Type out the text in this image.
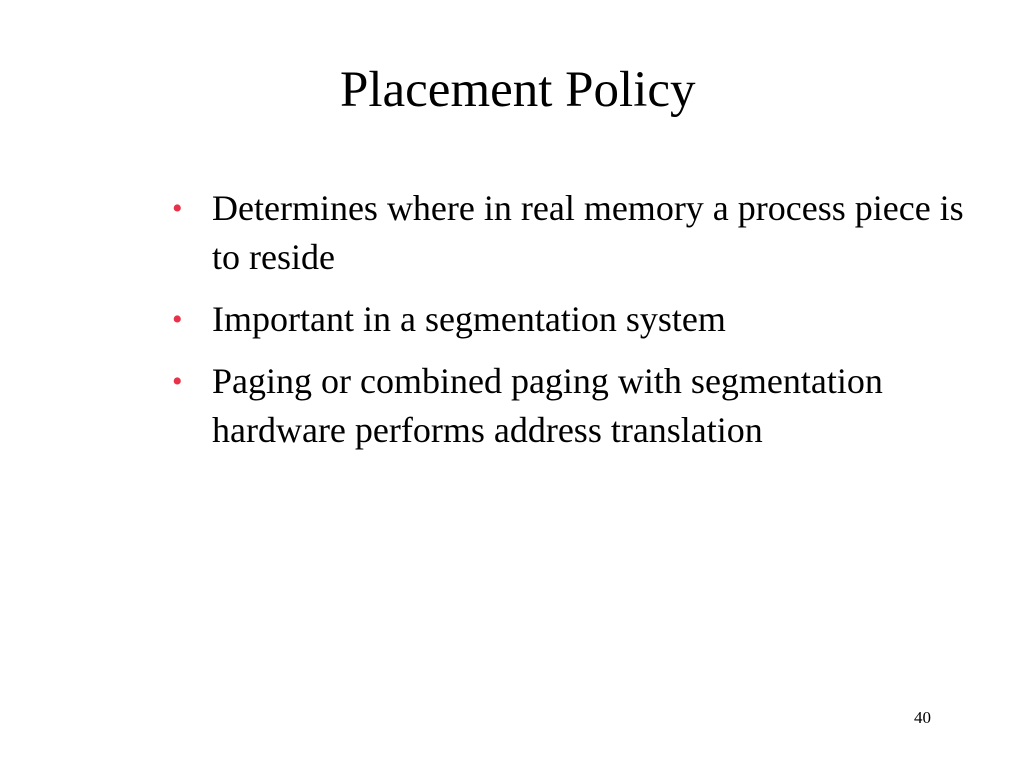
Placement Policy
• Determines where in real memory a process piece is to reside
• Important in a segmentation system
• Paging or combined paging with segmentation hardware performs address translation
40
